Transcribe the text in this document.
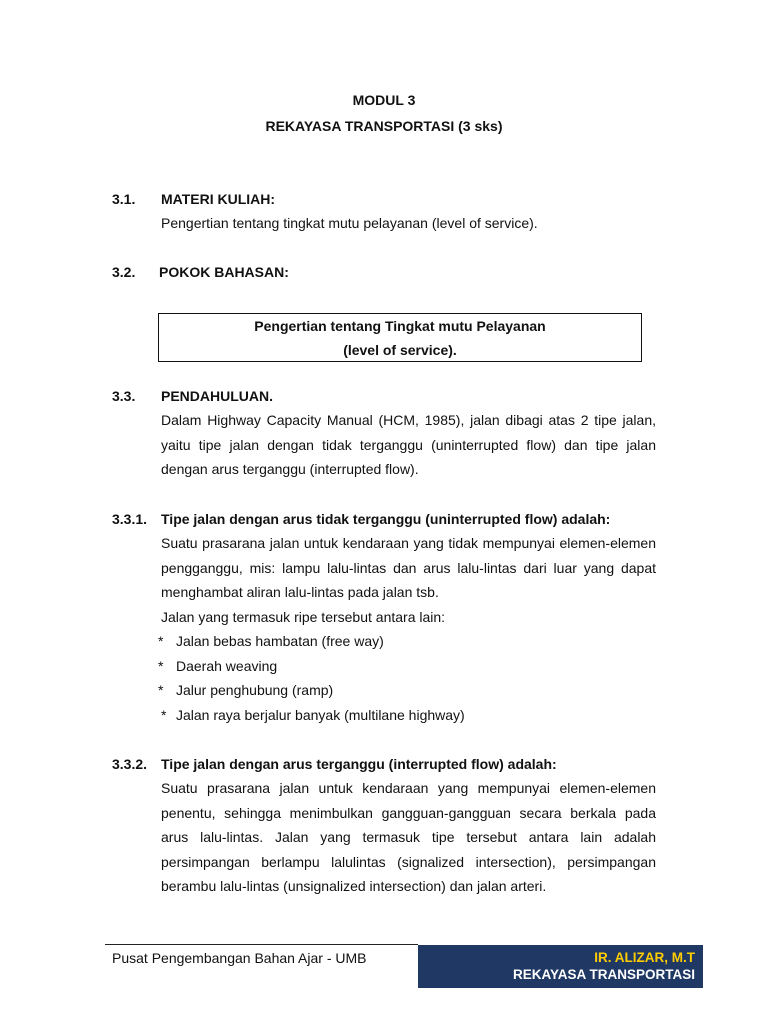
MODUL 3
REKAYASA TRANSPORTASI (3 sks)
3.1. MATERI KULIAH:
Pengertian tentang tingkat mutu pelayanan (level of service).
3.2. POKOK BAHASAN:
Pengertian tentang Tingkat mutu Pelayanan
(level of service).
3.3. PENDAHULUAN.
Dalam Highway Capacity Manual (HCM, 1985), jalan dibagi atas 2 tipe jalan, yaitu tipe jalan dengan tidak terganggu (uninterrupted flow) dan tipe jalan dengan arus terganggu (interrupted flow).
3.3.1. Tipe jalan dengan arus tidak terganggu (uninterrupted flow) adalah:
Suatu prasarana jalan untuk kendaraan yang tidak mempunyai elemen-elemen pengganggu, mis: lampu lalu-lintas dan arus lalu-lintas dari luar yang dapat menghambat aliran lalu-lintas pada jalan tsb.
Jalan yang termasuk ripe tersebut antara lain:
* Jalan bebas hambatan (free way)
* Daerah weaving
* Jalur penghubung (ramp)
* Jalan raya berjalur banyak (multilane highway)
3.3.2. Tipe jalan dengan arus terganggu (interrupted flow) adalah:
Suatu prasarana jalan untuk kendaraan yang mempunyai elemen-elemen penentu, sehingga menimbulkan gangguan-gangguan secara berkala pada arus lalu-lintas. Jalan yang termasuk tipe tersebut antara lain adalah persimpangan berlampu lalulintas (signalized intersection), persimpangan berambu lalu-lintas (unsignalized intersection) dan jalan arteri.
Pusat Pengembangan Bahan Ajar - UMB	IR. ALIZAR, M.T
REKAYASA TRANSPORTASI
